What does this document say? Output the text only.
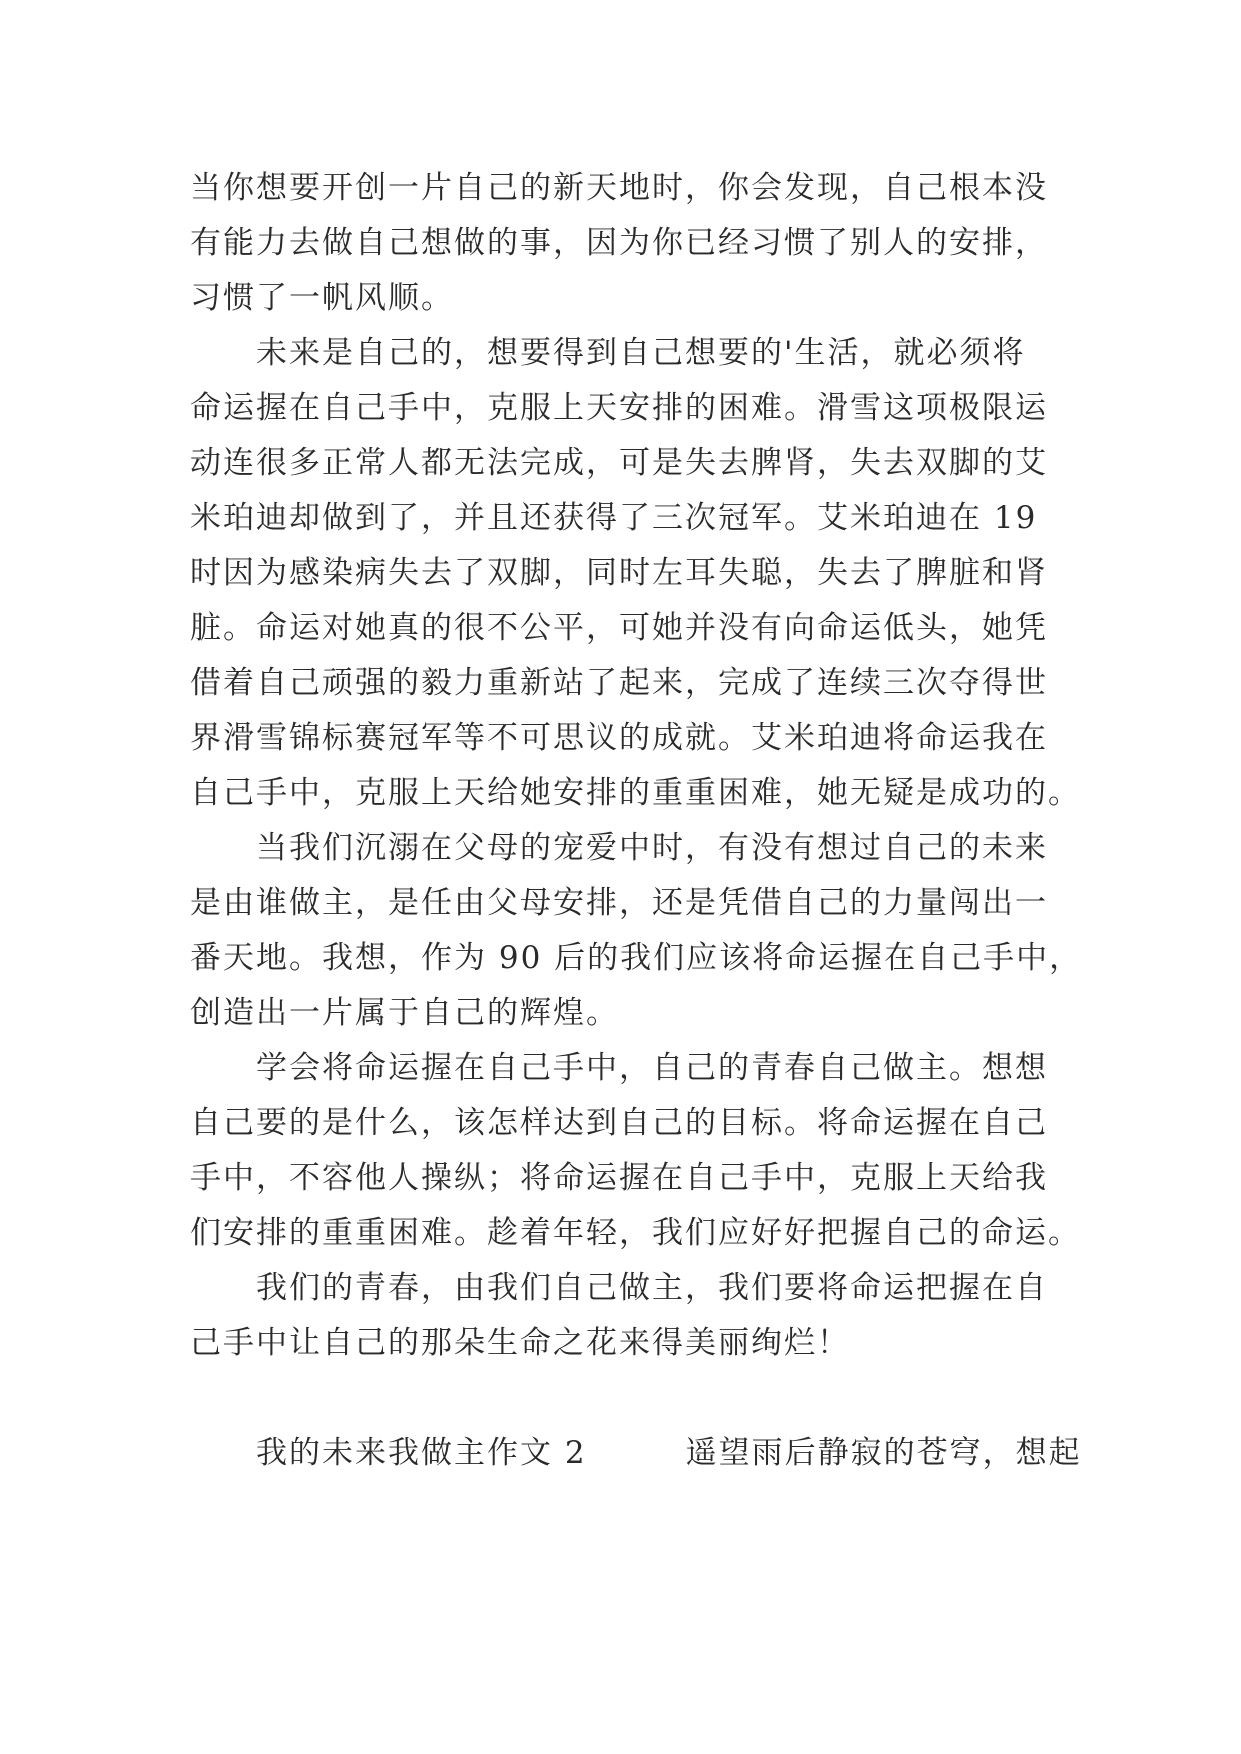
当你想要开创一片自己的新天地时，你会发现，自己根本没
有能力去做自己想做的事，因为你已经习惯了别人的安排，
习惯了一帆风顺。
未来是自己的，想要得到自己想要的'生活，就必须将
命运握在自己手中，克服上天安排的困难。滑雪这项极限运
动连很多正常人都无法完成，可是失去脾肾，失去双脚的艾
米珀迪却做到了，并且还获得了三次冠军。艾米珀迪在 19
时因为感染病失去了双脚，同时左耳失聪，失去了脾脏和肾
脏。命运对她真的很不公平，可她并没有向命运低头，她凭
借着自己顽强的毅力重新站了起来，完成了连续三次夺得世
界滑雪锦标赛冠军等不可思议的成就。艾米珀迪将命运我在
自己手中，克服上天给她安排的重重困难，她无疑是成功的。
当我们沉溺在父母的宠爱中时，有没有想过自己的未来
是由谁做主，是任由父母安排，还是凭借自己的力量闯出一
番天地。我想，作为 90 后的我们应该将命运握在自己手中，
创造出一片属于自己的辉煌。
学会将命运握在自己手中，自己的青春自己做主。想想
自己要的是什么，该怎样达到自己的目标。将命运握在自己
手中，不容他人操纵；将命运握在自己手中，克服上天给我
们安排的重重困难。趁着年轻，我们应好好把握自己的命运。
我们的青春，由我们自己做主，我们要将命运把握在自
己手中让自己的那朵生命之花来得美丽绚烂！
我的未来我做主作文 2　　　遥望雨后静寂的苍穹，想起
